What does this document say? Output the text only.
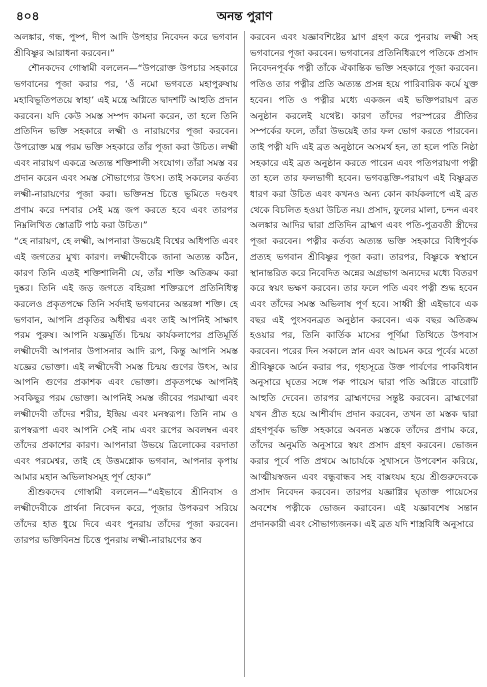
৪০৪	অনন্ত পুরাণ

অলঙ্কার, গন্ধ, পুষ্প, দীপ আদি উপহার নিবেদন করে ভগবান শ্রীবিষ্ণুর আরাধনা করবেন।”

শৌনকদেব গোস্বামী বললেন—“উপরোক্ত উপচার সহকারে ভগবানের পূজা করার পর, ‘ওঁ নমো ভগবতে মহাপুরুষায় মহাবিভূতিপতয়ে স্বাহা’ এই মন্ত্রে অগ্নিতে দ্বাদশটি আহুতি প্রদান করবেন। যদি কেউ সমস্ত সম্পদ কামনা করেন, তা হলে তিনি প্রতিদিন ভক্তি সহকারে লক্ষ্মী ও নারায়ণের পূজা করবেন। উপরোক্ত মন্ত্র পরম ভক্তি সহকারে তাঁর পূজা করা উচিত। লক্ষ্মী এবং নারায়ণ একত্রে অত্যন্ত শক্তিশালী সংযোগ। তাঁরা সমস্ত বর প্রদান করেন এবং সমস্ত সৌভাগ্যের উৎস। তাই সকলের কর্তব্য লক্ষ্মী-নারায়ণের পূজা করা। ভক্তিনম্র চিত্তে ভূমিতে দণ্ডবৎ প্রণাম করে দশবার সেই মন্ত্র জপ করতে হবে এবং তারপর নিম্নলিখিত স্তোত্রটি পাঠ করা উচিত।”

“হে নারায়ণ, হে লক্ষ্মী, আপনারা উভয়েই বিশ্বের অধিপতি এবং এই জগতের মুখ্য কারণ। লক্ষ্মীদেবীকে জানা অত্যন্ত কঠিন, কারণ তিনি এতই শক্তিশালিনী যে, তাঁর শক্তি অতিক্রম করা দুষ্কর। তিনি এই জড় জগতে বহিরঙ্গা শক্তিরূপে প্রতিনিধিত্ব করলেও প্রকৃতপক্ষে তিনি সর্বদাই ভগবানের অন্তরঙ্গা শক্তি। হে ভগবান, আপনি প্রকৃতির অধীশ্বর এবং তাই আপনিই সাক্ষাৎ পরম পুরুষ। আপনি যজ্ঞমূর্তি। চিন্ময় কার্যকলাপের প্রতিমূর্তি লক্ষ্মীদেবী আপনার উপাসনার আদি রূপ, কিন্তু আপনি সমস্ত যজ্ঞের ভোক্তা। এই লক্ষ্মীদেবী সমস্ত চিন্ময় গুণের উৎস, আর আপনি গুণের প্রকাশক এবং ভোক্তা। প্রকৃতপক্ষে আপনিই সবকিছুর পরম ভোক্তা। আপনিই সমস্ত জীবের পরমাত্মা এবং লক্ষ্মীদেবী তাঁদের শরীর, ইন্দ্রিয় এবং মনস্বরূপ। তিনি নাম ও রূপস্বরূপা এবং আপনি সেই নাম এবং রূপের অবলম্বন এবং তাঁদের প্রকাশের কারণ। আপনারা উভয়ে ত্রিলোকের বরদাতা এবং পরমেশ্বর, তাই হে উত্তমশ্লোক ভগবান, আপনার কৃপায় আমার মহান অভিলাষসমূহ পূর্ণ হোক।”

শ্রীশুকদেব গোস্বামী বললেন—“এইভাবে শ্রীনিবাস ও লক্ষ্মীদেবীকে প্রার্থনা নিবেদন করে, পূজার উপকরণ সরিয়ে তাঁদের হাত ধুয়ে দিবে এবং পুনরায় তাঁদের পূজা করবেন। তারপর ভক্তিবিনম্র চিত্তে পুনরায় লক্ষ্মী-নারায়ণের স্তব

করবেন এবং যজ্ঞাবশিষ্টের ঘ্রাণ গ্রহণ করে পুনরায় লক্ষ্মী সহ ভগবানের পূজা করবেন। ভগবানের প্রতিনিধিরূপে পতিকে প্রসাদ নিবেদনপূর্বক পত্নী তাঁকে ঐকান্তিক ভক্তি সহকারে পূজা করবেন। পতিও তার পত্নীর প্রতি অত্যন্ত প্রসন্ন হয়ে পারিবারিক কর্মে যুক্ত হবেন। পতি ও পত্নীর মধ্যে একজন এই ভক্তিপরায়ণ ব্রত অনুষ্ঠান করলেই যথেষ্ট। কারণ তাঁদের পরস্পরের প্রীতির সম্পর্কের ফলে, তাঁরা উভয়েই তার ফল ভোগ করতে পারবেন। তাই পত্নী যদি এই ব্রত অনুষ্ঠানে অসমর্থ হন, তা হলে পতি নিষ্ঠা সহকারে এই ব্রত অনুষ্ঠান করতে পারেন এবং পতিপরায়ণা পত্নী তা হলে তার ফলভাগী হবেন। ভগবদ্ভক্তি-পরায়ণ এই বিষ্ণুব্রত ধারণ করা উচিত এবং কখনও অন্য কোন কার্যকলাপে এই ব্রত থেকে বিচলিত হওয়া উচিত নয়। প্রসাদ, ফুলের মালা, চন্দন এবং অলঙ্কার আদির দ্বারা প্রতিদিন ব্রাহ্মণ এবং পতি-পুত্রবতী স্ত্রীদের পূজা করবেন। পত্নীর কর্তব্য অত্যন্ত ভক্তি সহকারে বিধিপূর্বক প্রত্যহ ভগবান শ্রীবিষ্ণুর পূজা করা। তারপর, বিষ্ণুকে স্বস্থানে স্থানান্তরিত করে নিবেদিত অন্নের অগ্রভাগ অন্যদের মধ্যে বিতরণ করে স্বয়ং ভক্ষণ করবেন। তার ফলে পতি এবং পত্নী শুদ্ধ হবেন এবং তাঁদের সমস্ত অভিলাষ পূর্ণ হবে। সাধ্বী স্ত্রী এইভাবে এক বছর এই পুংসবনব্রত অনুষ্ঠান করবেন। এক বছর অতিক্রম হওয়ার পর, তিনি কার্তিক মাসের পূর্ণিমা তিথিতে উপবাস করবেন। পরের দিন সকালে স্নান এবং আচমন করে পূর্বের মতো শ্রীবিষ্ণুকে অর্চন করার পর, গৃহ্যসূত্রে উক্ত পার্বণের পাকবিধান অনুসারে ঘৃতের সঙ্গে পক্ব পায়েস দ্বারা পতি অগ্নিতে বারোটি আহুতি দেবেন। তারপর ব্রাহ্মণদের সন্তুষ্ট করবেন। ব্রাহ্মণেরা যখন প্রীত হয়ে আশীর্বাদ প্রদান করবেন, তখন তা মস্তক দ্বারা গ্রহণপূর্বক ভক্তি সহকারে অবনত মস্তকে তাঁদের প্রণাম করে, তাঁদের অনুমতি অনুসারে স্বয়ং প্রসাদ গ্রহণ করবেন। ভোজন করার পূর্বে পতি প্রথমে আচার্যকে সুখাসনে উপবেশন করিয়ে, আত্মীয়স্বজন এবং বন্ধুবান্ধব সহ বাক্সংযম হয়ে শ্রীগুরুদেবকে প্রসাদ নিবেদন করবেন। তারপর যজ্ঞাগ্নির ঘৃতাক্ত পায়েসের অবশেষ পত্নীকে ভোজন করাবেন। এই যজ্ঞাবশেষ সন্তান প্রদানকারী এবং সৌভাগ্যজনক। এই ব্রত যদি শাস্ত্রবিধি অনুসারে
